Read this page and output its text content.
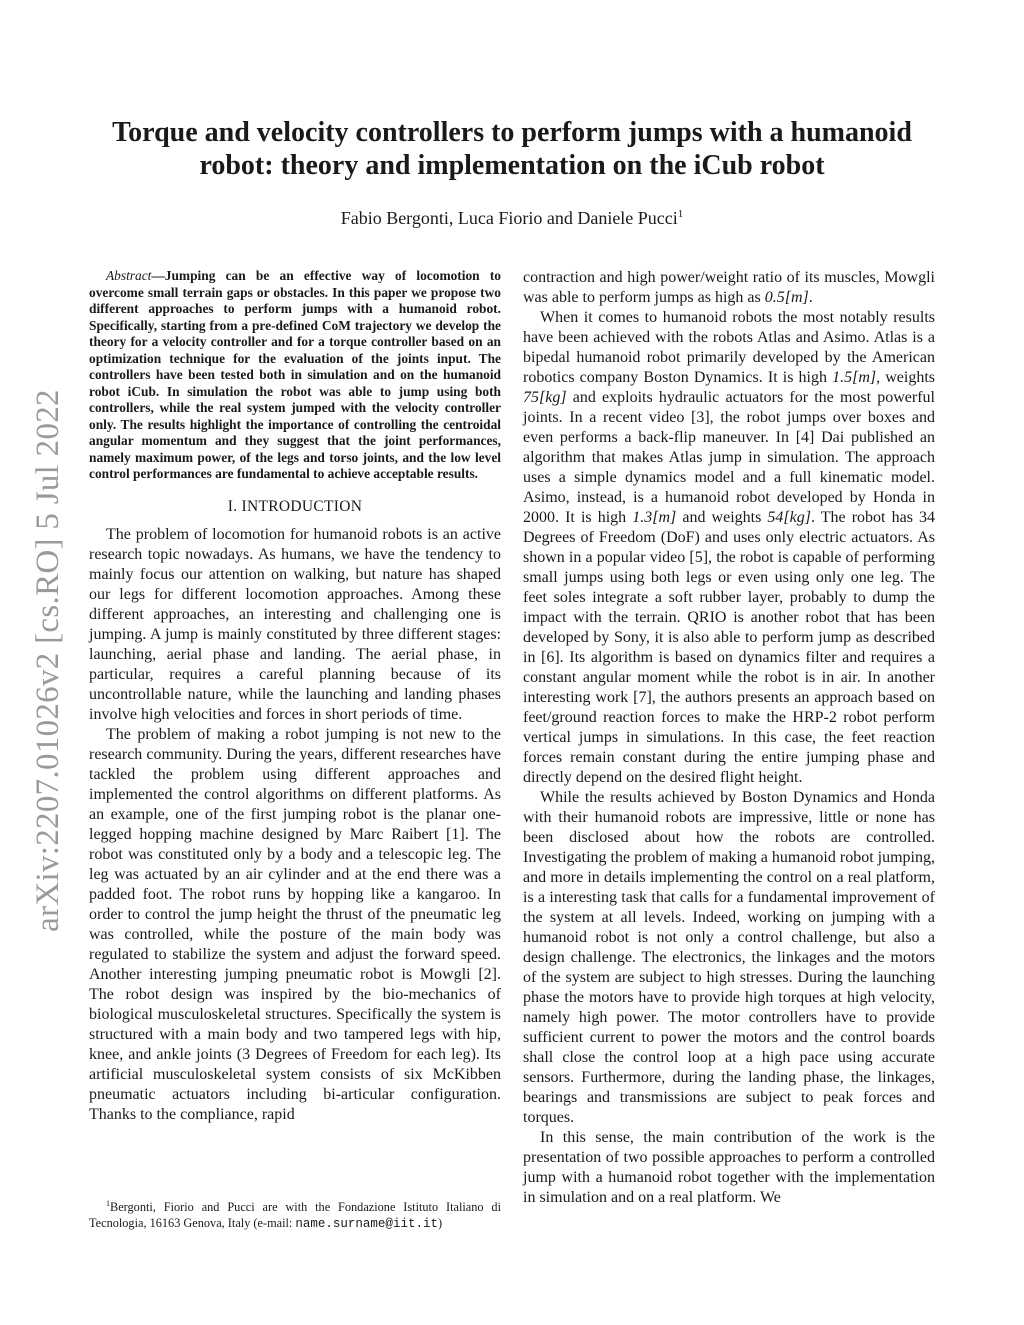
arXiv:2207.01026v2 [cs.RO] 5 Jul 2022
Torque and velocity controllers to perform jumps with a humanoid robot: theory and implementation on the iCub robot
Fabio Bergonti, Luca Fiorio and Daniele Pucci$^1$

Abstract—Jumping can be an effective way of locomotion to overcome small terrain gaps or obstacles. In this paper we propose two different approaches to perform jumps with a humanoid robot. Specifically, starting from a pre-defined CoM trajectory we develop the theory for a velocity controller and for a torque controller based on an optimization technique for the evaluation of the joints input. The controllers have been tested both in simulation and on the humanoid robot iCub. In simulation the robot was able to jump using both controllers, while the real system jumped with the velocity controller only. The results highlight the importance of controlling the centroidal angular momentum and they suggest that the joint performances, namely maximum power, of the legs and torso joints, and the low level control performances are fundamental to achieve acceptable results.

I. INTRODUCTION

The problem of locomotion for humanoid robots is an active research topic nowadays. As humans, we have the tendency to mainly focus our attention on walking, but nature has shaped our legs for different locomotion approaches. Among these different approaches, an interesting and challenging one is jumping. A jump is mainly constituted by three different stages: launching, aerial phase and landing. The aerial phase, in particular, requires a careful planning because of its uncontrollable nature, while the launching and landing phases involve high velocities and forces in short periods of time.

The problem of making a robot jumping is not new to the research community. During the years, different researches have tackled the problem using different approaches and implemented the control algorithms on different platforms. As an example, one of the first jumping robot is the planar one-legged hopping machine designed by Marc Raibert [1]. The robot was constituted only by a body and a telescopic leg. The leg was actuated by an air cylinder and at the end there was a padded foot. The robot runs by hopping like a kangaroo. In order to control the jump height the thrust of the pneumatic leg was controlled, while the posture of the main body was regulated to stabilize the system and adjust the forward speed. Another interesting jumping pneumatic robot is Mowgli [2]. The robot design was inspired by the bio-mechanics of biological musculoskeletal structures. Specifically the system is structured with a main body and two tampered legs with hip, knee, and ankle joints (3 Degrees of Freedom for each leg). Its artificial musculoskeletal system consists of six McKibben pneumatic actuators including bi-articular configuration. Thanks to the compliance, rapid

$^1$Bergonti, Fiorio and Pucci are with the Fondazione Istituto Italiano di Tecnologia, 16163 Genova, Italy (e-mail: name.surname@iit.it)

contraction and high power/weight ratio of its muscles, Mowgli was able to perform jumps as high as 0.5[m].

When it comes to humanoid robots the most notably results have been achieved with the robots Atlas and Asimo. Atlas is a bipedal humanoid robot primarily developed by the American robotics company Boston Dynamics. It is high 1.5[m], weights 75[kg] and exploits hydraulic actuators for the most powerful joints. In a recent video [3], the robot jumps over boxes and even performs a back-flip maneuver. In [4] Dai published an algorithm that makes Atlas jump in simulation. The approach uses a simple dynamics model and a full kinematic model. Asimo, instead, is a humanoid robot developed by Honda in 2000. It is high 1.3[m] and weights 54[kg]. The robot has 34 Degrees of Freedom (DoF) and uses only electric actuators. As shown in a popular video [5], the robot is capable of performing small jumps using both legs or even using only one leg. The feet soles integrate a soft rubber layer, probably to dump the impact with the terrain. QRIO is another robot that has been developed by Sony, it is also able to perform jump as described in [6]. Its algorithm is based on dynamics filter and requires a constant angular moment while the robot is in air. In another interesting work [7], the authors presents an approach based on feet/ground reaction forces to make the HRP-2 robot perform vertical jumps in simulations. In this case, the feet reaction forces remain constant during the entire jumping phase and directly depend on the desired flight height.

While the results achieved by Boston Dynamics and Honda with their humanoid robots are impressive, little or none has been disclosed about how the robots are controlled. Investigating the problem of making a humanoid robot jumping, and more in details implementing the control on a real platform, is a interesting task that calls for a fundamental improvement of the system at all levels. Indeed, working on jumping with a humanoid robot is not only a control challenge, but also a design challenge. The electronics, the linkages and the motors of the system are subject to high stresses. During the launching phase the motors have to provide high torques at high velocity, namely high power. The motor controllers have to provide sufficient current to power the motors and the control boards shall close the control loop at a high pace using accurate sensors. Furthermore, during the landing phase, the linkages, bearings and transmissions are subject to peak forces and torques.

In this sense, the main contribution of the work is the presentation of two possible approaches to perform a controlled jump with a humanoid robot together with the implementation in simulation and on a real platform. We
